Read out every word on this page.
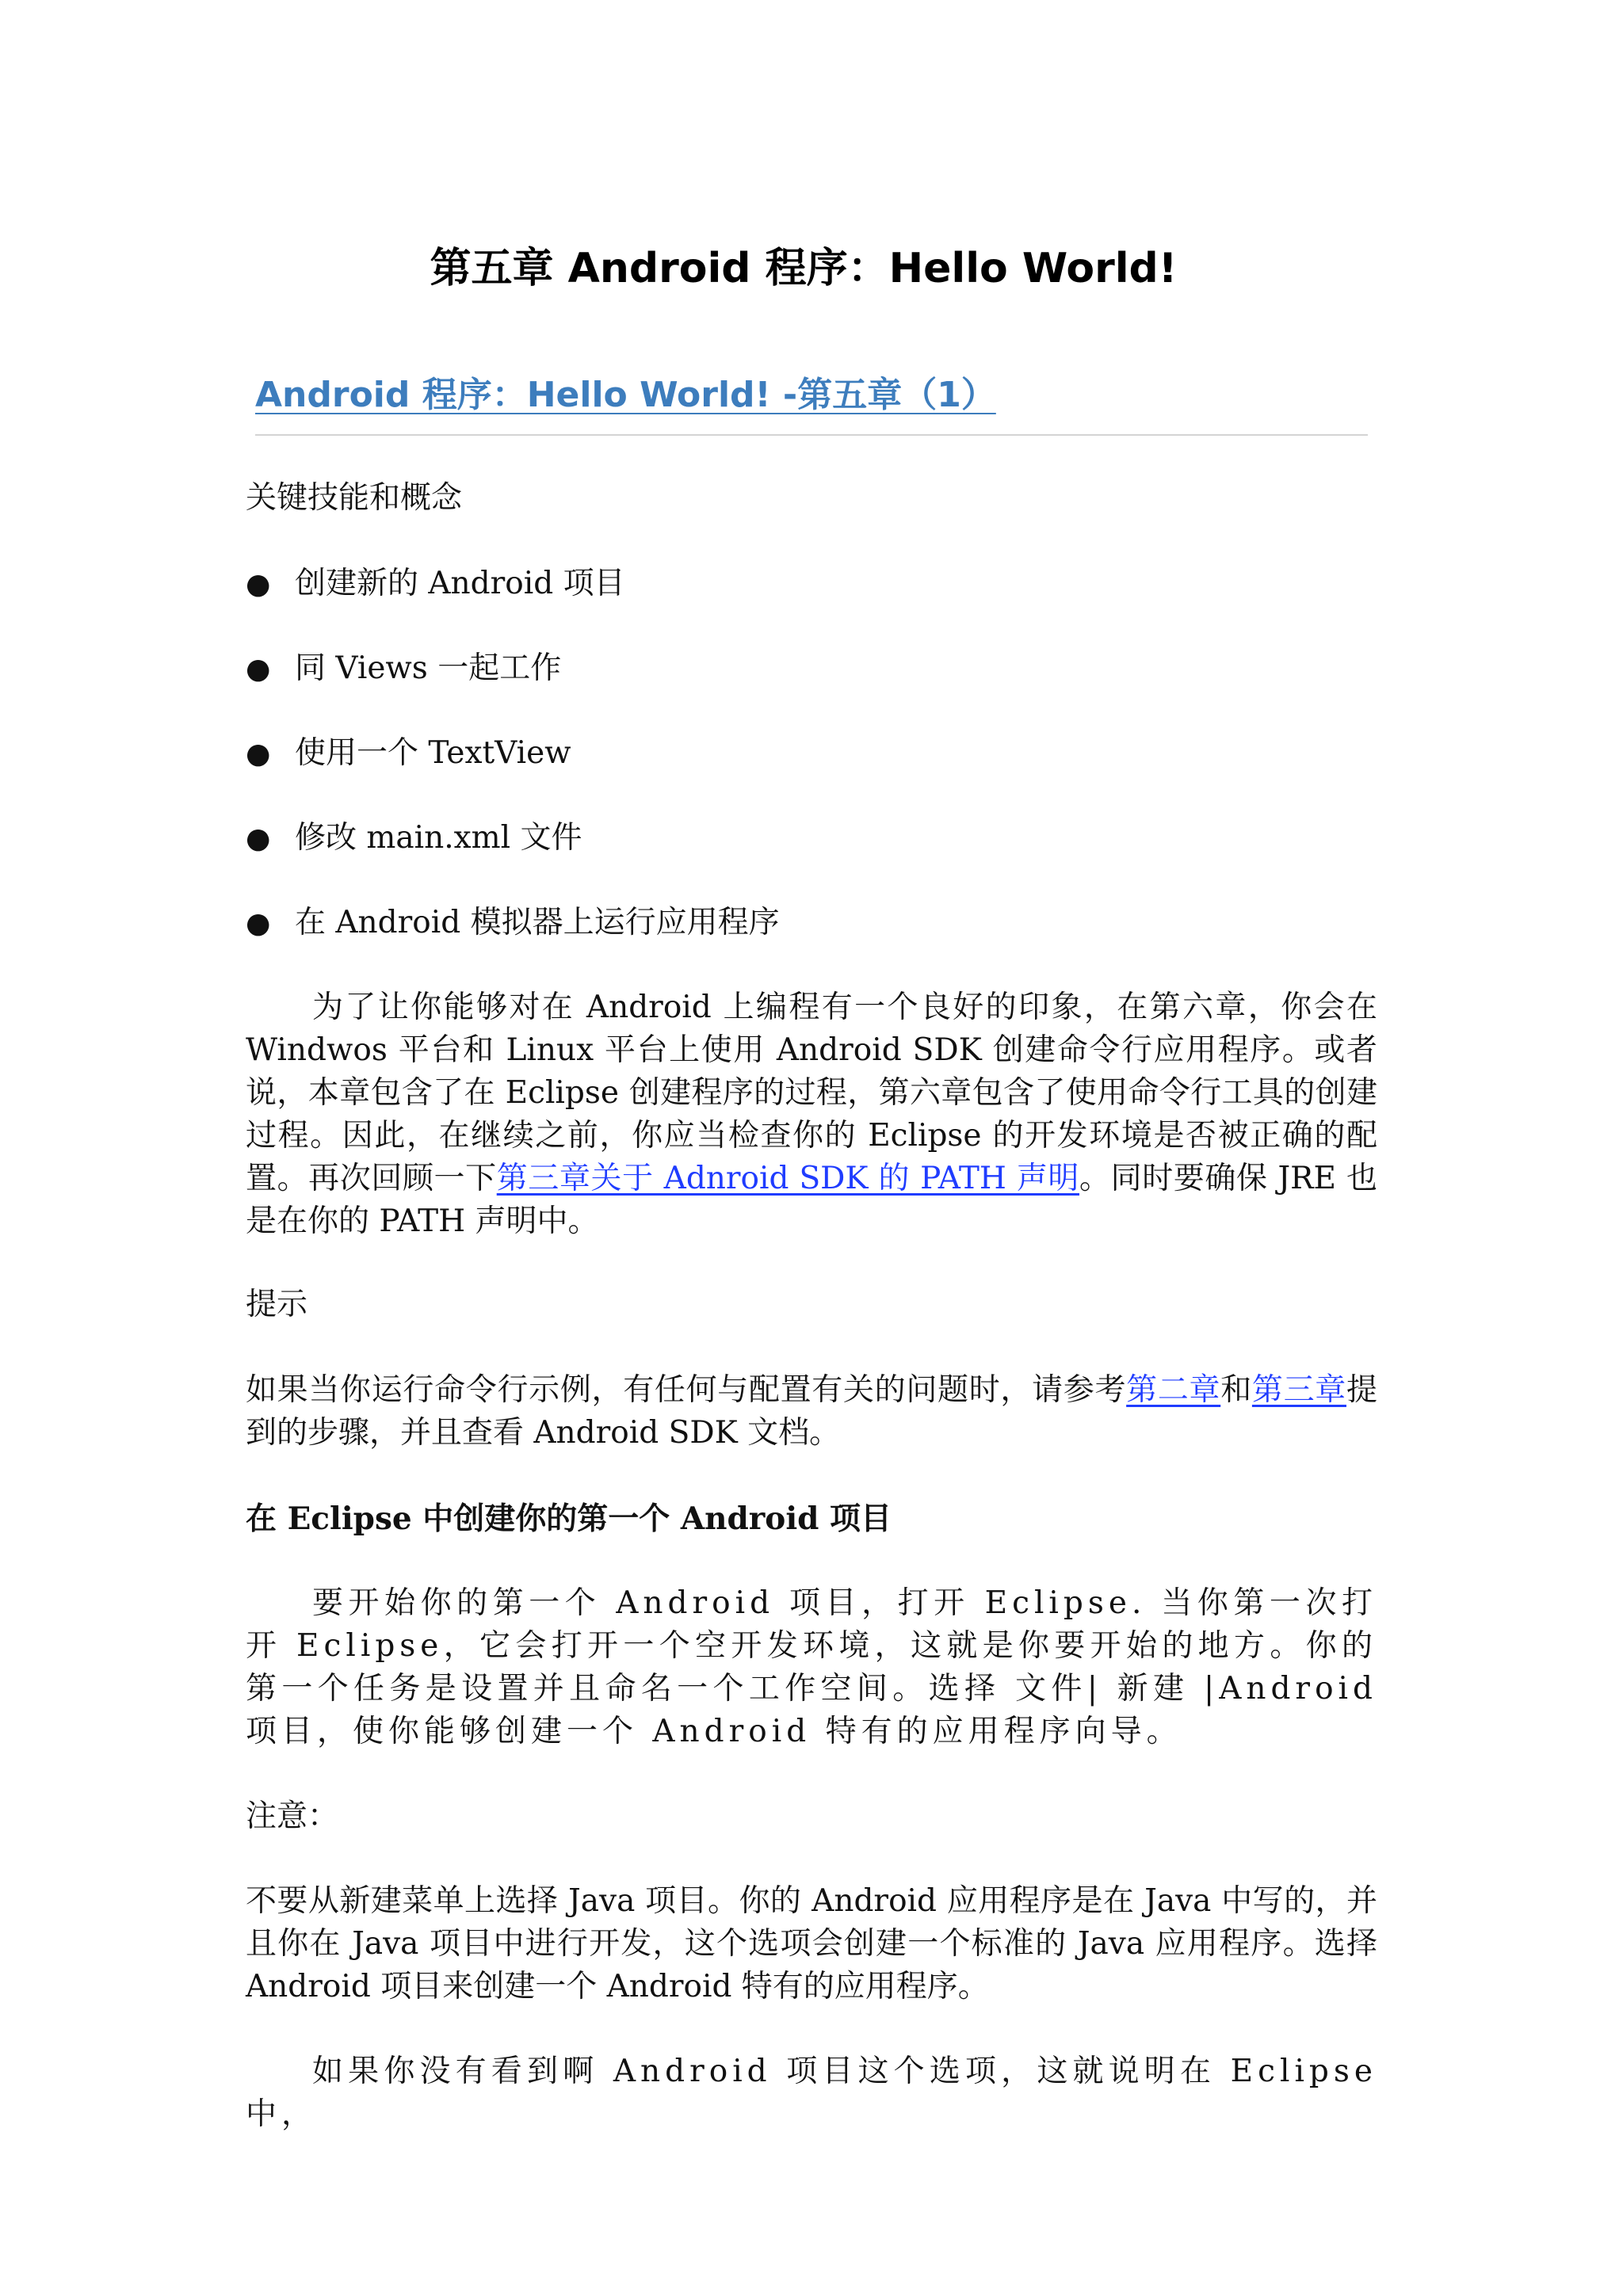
第五章 Android 程序：Hello World!
Android 程序：Hello World! -第五章（1）
关键技能和概念
● 创建新的 Android 项目
● 同 Views 一起工作
● 使用一个 TextView
● 修改 main.xml 文件
● 在 Android 模拟器上运行应用程序

为了让你能够对在 Android 上编程有一个良好的印象，在第六章，你会在 Windwos 平台和 Linux 平台上使用 Android SDK 创建命令行应用程序。或者说，本章包含了在 Eclipse 创建程序的过程，第六章包含了使用命令行工具的创建过程。因此，在继续之前，你应当检查你的 Eclipse 的开发环境是否被正确的配置。再次回顾一下第三章关于 Adnroid SDK 的 PATH 声明。同时要确保 JRE 也是在你的 PATH 声明中。

提示

如果当你运行命令行示例，有任何与配置有关的问题时，请参考第二章和第三章提到的步骤，并且查看 Android SDK 文档。

在 Eclipse 中创建你的第一个 Android 项目

要开始你的第一个 Android 项目，打开 Eclipse. 当你第一次打开 Eclipse，它会打开一个空开发环境，这就是你要开始的地方。你的第一个任务是设置并且命名一个工作空间。选择 文件| 新建 |Android 项目，使你能够创建一个 Android 特有的应用程序向导。

注意：

不要从新建菜单上选择 Java 项目。你的 Android 应用程序是在 Java 中写的，并且你在 Java 项目中进行开发，这个选项会创建一个标准的 Java 应用程序。选择 Android 项目来创建一个 Android 特有的应用程序。

如果你没有看到啊 Android 项目这个选项，这就说明在 Eclipse 中，
